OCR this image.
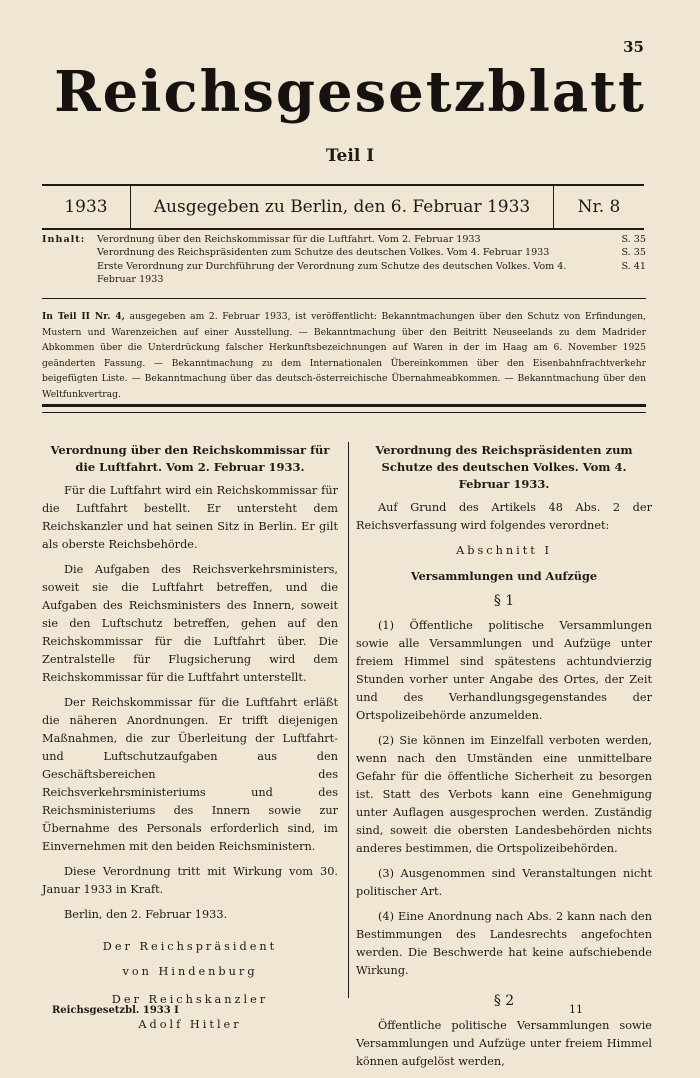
35
Reichsgesetzblatt
Teil I
1933	Ausgegeben zu Berlin, den 6. Februar 1933	Nr. 8
Inhalt: Verordnung über den Reichskommissar für die Luftfahrt. Vom 2. Februar 1933	S. 35
Verordnung des Reichspräsidenten zum Schutze des deutschen Volkes. Vom 4. Februar 1933	S. 35
Erste Verordnung zur Durchführung der Verordnung zum Schutze des deutschen Volkes. Vom 4. Februar 1933
S. 41
In Teil II Nr. 4, ausgegeben am 2. Februar 1933, ist veröffentlicht: Bekanntmachungen über den Schutz von Erfindungen, Mustern und Warenzeichen auf einer Ausstellung. — Bekanntmachung über den Beitritt Neuseelands zu dem Madrider Abkommen über die Unterdrückung falscher Herkunftsbezeichnungen auf Waren in der im Haag am 6. November 1925 geänderten Fassung. — Bekanntmachung zu dem Internationalen Übereinkommen über den Eisenbahnfrachtverkehr beigefügten Liste. — Bekanntmachung über das deutsch-österreichische Übernahmeabkommen. — Bekanntmachung über den Weltfunkvertrag.
Verordnung über den Reichskommissar für die Luftfahrt. Vom 2. Februar 1933.

Für die Luftfahrt wird ein Reichskommissar für die Luftfahrt bestellt. Er untersteht dem Reichskanzler und hat seinen Sitz in Berlin. Er gilt als oberste Reichsbehörde.

Die Aufgaben des Reichsverkehrsministers, soweit sie die Luftfahrt betreffen, und die Aufgaben des Reichsministers des Innern, soweit sie den Luftschutz betreffen, gehen auf den Reichskommissar für die Luftfahrt über. Die Zentralstelle für Flugsicherung wird dem Reichskommissar für die Luftfahrt unterstellt.

Der Reichskommissar für die Luftfahrt erläßt die näheren Anordnungen. Er trifft diejenigen Maßnahmen, die zur Überleitung der Luftfahrt- und Luftschutzaufgaben aus den Geschäftsbereichen des Reichsverkehrsministeriums und des Reichsministeriums des Innern sowie zur Übernahme des Personals erforderlich sind, im Einvernehmen mit den beiden Reichsministern.

Diese Verordnung tritt mit Wirkung vom 30. Januar 1933 in Kraft.

Berlin, den 2. Februar 1933.

Der Reichspräsident

von Hindenburg

Der Reichskanzler

Adolf Hitler

Verordnung des Reichspräsidenten zum Schutze des deutschen Volkes. Vom 4. Februar 1933.

Auf Grund des Artikels 48 Abs. 2 der Reichsverfassung wird folgendes verordnet:

Abschnitt I

Versammlungen und Aufzüge

§ 1

(1) Öffentliche politische Versammlungen sowie alle Versammlungen und Aufzüge unter freiem Himmel sind spätestens achtundvierzig Stunden vorher unter Angabe des Ortes, der Zeit und des Verhandlungsgegenstandes der Ortspolizeibehörde anzumelden.

(2) Sie können im Einzelfall verboten werden, wenn nach den Umständen eine unmittelbare Gefahr für die öffentliche Sicherheit zu besorgen ist. Statt des Verbots kann eine Genehmigung unter Auflagen ausgesprochen werden. Zuständig sind, soweit die obersten Landesbehörden nichts anderes bestimmen, die Ortspolizeibehörden.

(3) Ausgenommen sind Veranstaltungen nicht politischer Art.

(4) Eine Anordnung nach Abs. 2 kann nach den Bestimmungen des Landesrechts angefochten werden. Die Beschwerde hat keine aufschiebende Wirkung.

§ 2

Öffentliche politische Versammlungen sowie Versammlungen und Aufzüge unter freiem Himmel können aufgelöst werden,

Reichsgesetzbl. 1933 I	11
